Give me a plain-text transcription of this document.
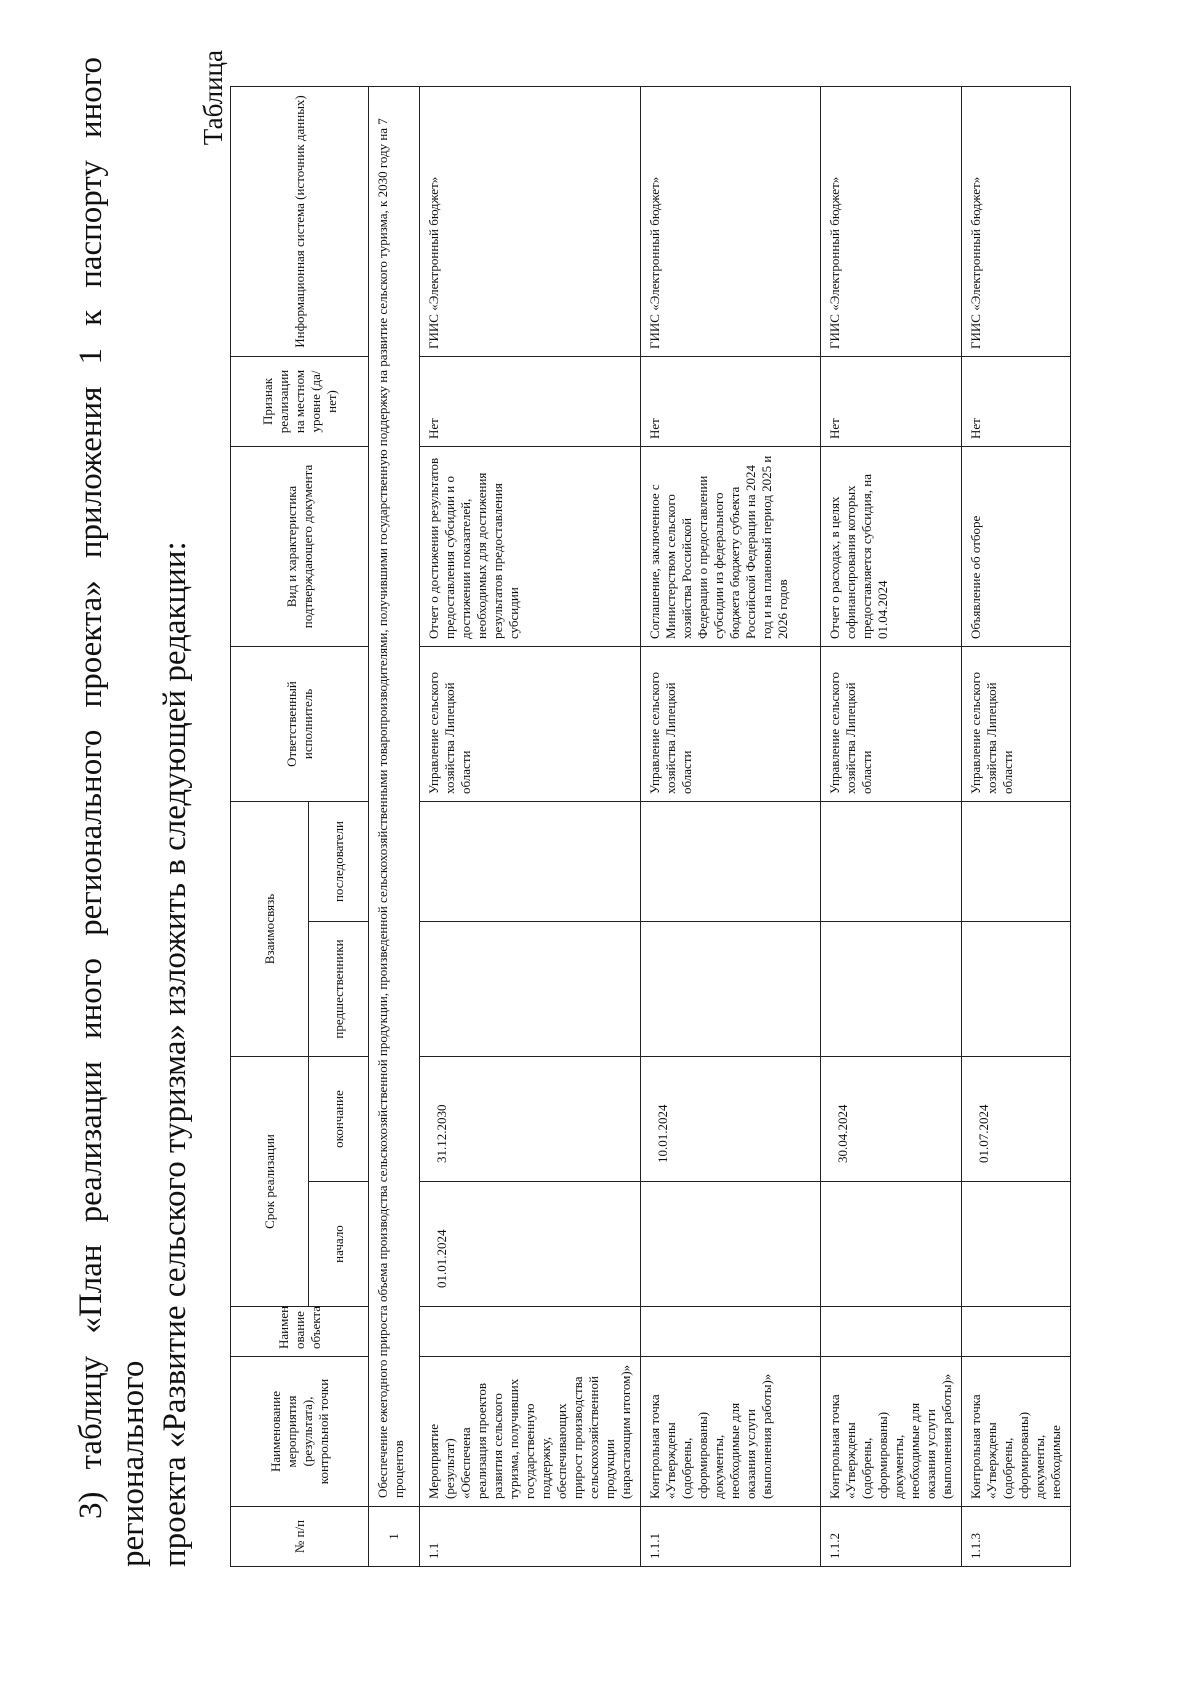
3) таблицу «План реализации иного регионального проекта» приложения 1 к паспорту иного регионального проекта «Развитие сельского туризма» изложить в следующей редакции:
Таблица
№ п/п	Наименование мероприятия (результата), контрольной точки	Наимен ование объекта	Срок реализации		Взаимосвязь		Ответственный исполнитель	Вид и характеристика подтверждающего документа	Признак реализации на местном уровне (да/нет)	Информационная система (источник данных)
			начало	окончание	предшественники	последователи				
1	Обеспечение ежегодного прироста объема производства сельскохозяйственной продукции, произведенной сельскохозяйственными товаропроизводителями, получившими государственную поддержку на развитие сельского туризма, к 2030 году на 7 процентов									
1.1	Мероприятие (результат) «Обеспечена реализация проектов развития сельского туризма, получивших государственную поддержку, обеспечивающих прирост производства сельскохозяйственной продукции (нарастающим итогом)»		01.01.2024	31.12.2030			Управление сельского хозяйства Липецкой области	Отчет о достижении результатов предоставления субсидии и о достижении показателей, необходимых для достижения результатов предоставления субсидии	Нет	ГИИС «Электронный бюджет»
1.1.1	Контрольная точка «Утверждены (одобрены, сформированы) документы, необходимые для оказания услуги (выполнения работы)»			10.01.2024			Управление сельского хозяйства Липецкой области	Соглашение, заключенное с Министерством сельского хозяйства Российской Федерации о предоставлении субсидии из федерального бюджета бюджету субъекта Российской Федерации на 2024 год и на плановый период 2025 и 2026 годов	Нет	ГИИС «Электронный бюджет»
1.1.2	Контрольная точка «Утверждены (одобрены, сформированы) документы, необходимые для оказания услуги (выполнения работы)»			30.04.2024			Управление сельского хозяйства Липецкой области	Отчет о расходах, в целях софинансирования которых предоставляется субсидия, на 01.04.2024	Нет	ГИИС «Электронный бюджет»
1.1.3	Контрольная точка «Утверждены (одобрены, сформированы) документы, необходимые			01.07.2024			Управление сельского хозяйства Липецкой области	Объявление об отборе	Нет	ГИИС «Электронный бюджет»
